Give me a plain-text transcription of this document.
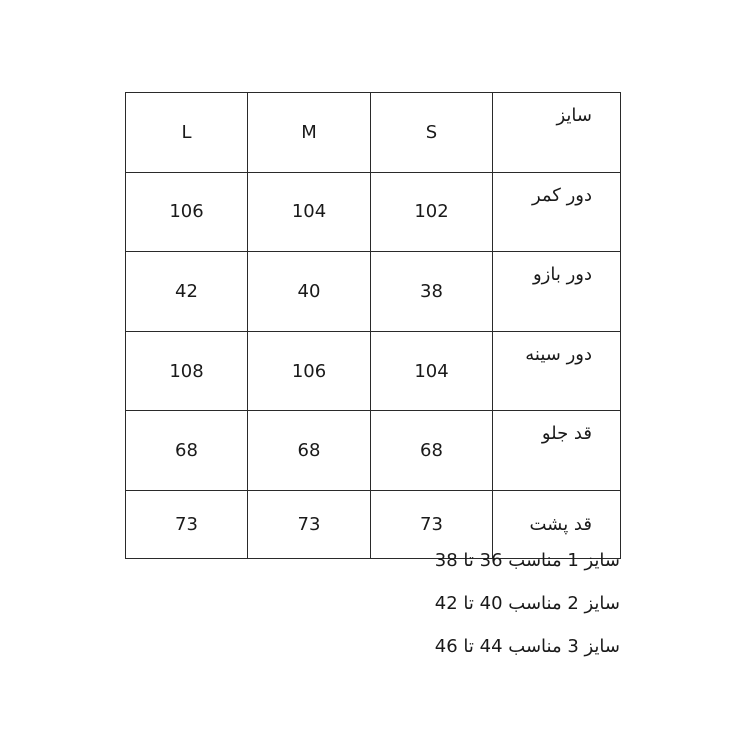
L	M	S	سایز
106	104	102	دور کمر
42	40	38	دور بازو
108	106	104	دور سینه
68	68	68	قد جلو
73	73	73	قد پشت
سایز 1 مناسب 36 تا 38
سایز 2 مناسب 40 تا 42
سایز 3 مناسب 44 تا 46
